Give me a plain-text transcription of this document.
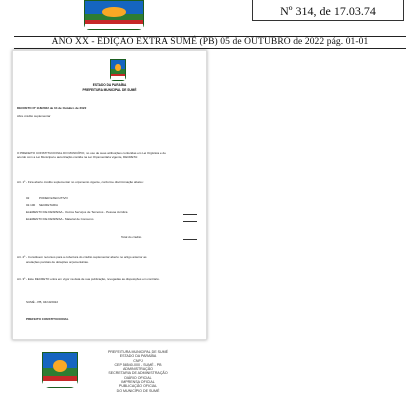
Nº 314, de 17.03.74
ANO XX - EDIÇÃO EXTRA SUMÉ (PB) 05 de OUTUBRO de 2022 pág. 01-01
ESTADO DA PARAÍBA
PREFEITURA MUNICIPAL DE SUMÉ
DECRETO Nº 118/2022 de 04 de Outubro de 2022
Abre crédito suplementar
O PREFEITO CONSTITUCIONAL DO MUNICÍPIO, no uso de suas atribuições conferidas em Lei Orgânica e de
acordo com a Lei Municipal e autorização contida na Lei Orçamentária vigente, DECRETA:
Art. 1º - Fica aberto crédito suplementar no orçamento vigente, conforme discriminação abaixo:
02	PODER EXECUTIVO
02.100 SECRETARIA
ELEMENTO DE DESPESA - Outros Serviços de Terceiros - Pessoa Jurídica
ELEMENTO DE DESPESA - Material de Consumo
Total do crédito
Art. 2º - Constituem recursos para a cobertura do crédito suplementar aberto no artigo anterior as
anulações parciais de dotações orçamentárias.
Art. 3º - Este DECRETO entra em vigor na data de sua publicação, revogadas as disposições em contrário.
SUMÉ - PB, 04/10/2022
PREFEITO CONSTITUCIONAL
PREFEITURA MUNICIPAL DE SUMÉ
ESTADO DA PARAÍBA
CNPJ
CEP 58540-000 - SUMÉ - PB
ADMINISTRAÇÃO
SECRETARIA DE ADMINISTRAÇÃO
DIÁRIO OFICIAL
IMPRENSA OFICIAL
PUBLICAÇÃO OFICIAL
DO MUNICÍPIO DE SUMÉ
